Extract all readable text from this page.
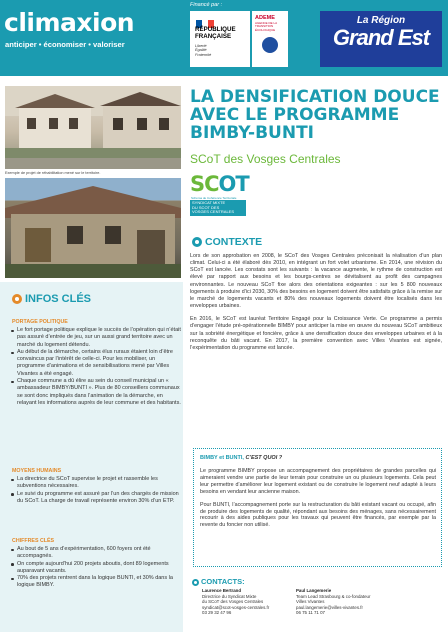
climaxion
anticiper • économiser • valoriser
Financé par :
RÉPUBLIQUE
FRANÇAISE
Liberté
Égalité
Fraternité
ADEME
AGENCE DE LA TRANSITION ÉCOLOGIQUE
La Région
Grand Est
Exemple de projet de réhabilitation mené sur le territoire.
LA DENSIFICATION DOUCE
AVEC LE PROGRAMME
BIMBY-BUNTI
SCoT des Vosges Centrales
SCOT
Schéma de Cohérence Territoriale
SYNDICAT MIXTE
DU SCOT DES
VOSGES CENTRALES
CONTEXTE

Lors de son approbation en 2008, le SCoT des Vosges Centrales préconisait la réalisation d’un plan climat. Celui-ci a été élaboré dès 2010, en intégrant un fort volet urbanisme. En 2014, une révision du SCoT est lancée. Les constats sont les suivants : la vacance augmente, le rythme de construction est élevé par rapport aux besoins et les bourgs-centres se dévitalisent au profit des campagnes environnantes. Le nouveau SCoT fixe alors des orientations exigeantes : sur les 5 800 nouveaux logements à produire d’ici 2030, 30% des besoins en logement doivent être satisfaits grâce à la remise sur le marché de logements vacants et 80% des nouveaux logements doivent être localisés dans les enveloppes urbaines.

En 2016, le SCoT est lauréat Territoire Engagé pour la Croissance Verte. Ce programme a permis d’engager l’étude pré-opérationnelle BIMBY pour anticiper la mise en œuvre du nouveau SCoT ambitieux sur la sobriété énergétique et foncière, grâce à une densification douce des enveloppes urbaines et à la reconquête du bâti vacant. En 2017, la première convention avec Villes Vivantes est signée, l’expérimentation du programme est lancée.

BIMBY et BUNTI, C’EST QUOI ?

Le programme BIMBY propose un accompagnement des propriétaires de grandes parcelles qui aimeraient vendre une partie de leur terrain pour construire un ou plusieurs logements. Cela peut leur permettre d’améliorer leur logement existant ou de construire le logement neuf adapté à leurs besoins en vendant leur ancienne maison.

Pour BUNTI, l’accompagnement porte sur la restructuration du bâti existant vacant ou occupé, afin de produire des logements de qualité, répondant aux besoins des ménages, sans nécessairement recourir à des aides publiques pour les travaux qui peuvent être financés, par exemple par la revente du foncier non utilisé.

CONTACTS:
Laurence Bertrand
Directrice du Syndicat Mixte
du SCoT des Vosges Centrales
syndicat@scot-vosges-centrales.fr
03 29 32 47 96
Paul Langemerie
Team Lead Strasbourg & co-fondateur
Villes Vivantes
paul.langemerie@villes-vivantes.fr
06 75 11 71 07
INFOS CLÉS
PORTAGE POLITIQUE
Le fort portage politique explique le succès de l’opération qui n’était pas assuré d’entrée de jeu, sur un aussi grand territoire avec un marché du logement détendu.
Au début de la démarche, certains élus ruraux étaient loin d’être convaincus par l’intérêt de celle-ci. Pour les mobiliser, un programme d’animations et de sensibilisations mené par Villes Vivantes a été engagé.
Chaque commune a dû élire au sein du conseil municipal un « ambassadeur BIMBY/BUNTI ». Plus de 80 conseillers communaux se sont donc impliqués dans l’animation de la démarche, en relayant les informations auprès de leur commune et des habitants.
MOYENS HUMAINS
La directrice du SCoT supervise le projet et rassemble les subventions nécessaires.
Le suivi du programme est assuré par l’un des chargés de mission du SCoT. La charge de travail représente environ 30% d’un ETP.
CHIFFRES CLÉS
Au bout de 5 ans d’expérimentation, 600 foyers ont été accompagnés.
On compte aujourd’hui 200 projets aboutis, dont 89 logements auparavant vacants.
70% des projets rentrent dans la logique BUNTI, et 30% dans la logique BIMBY.
